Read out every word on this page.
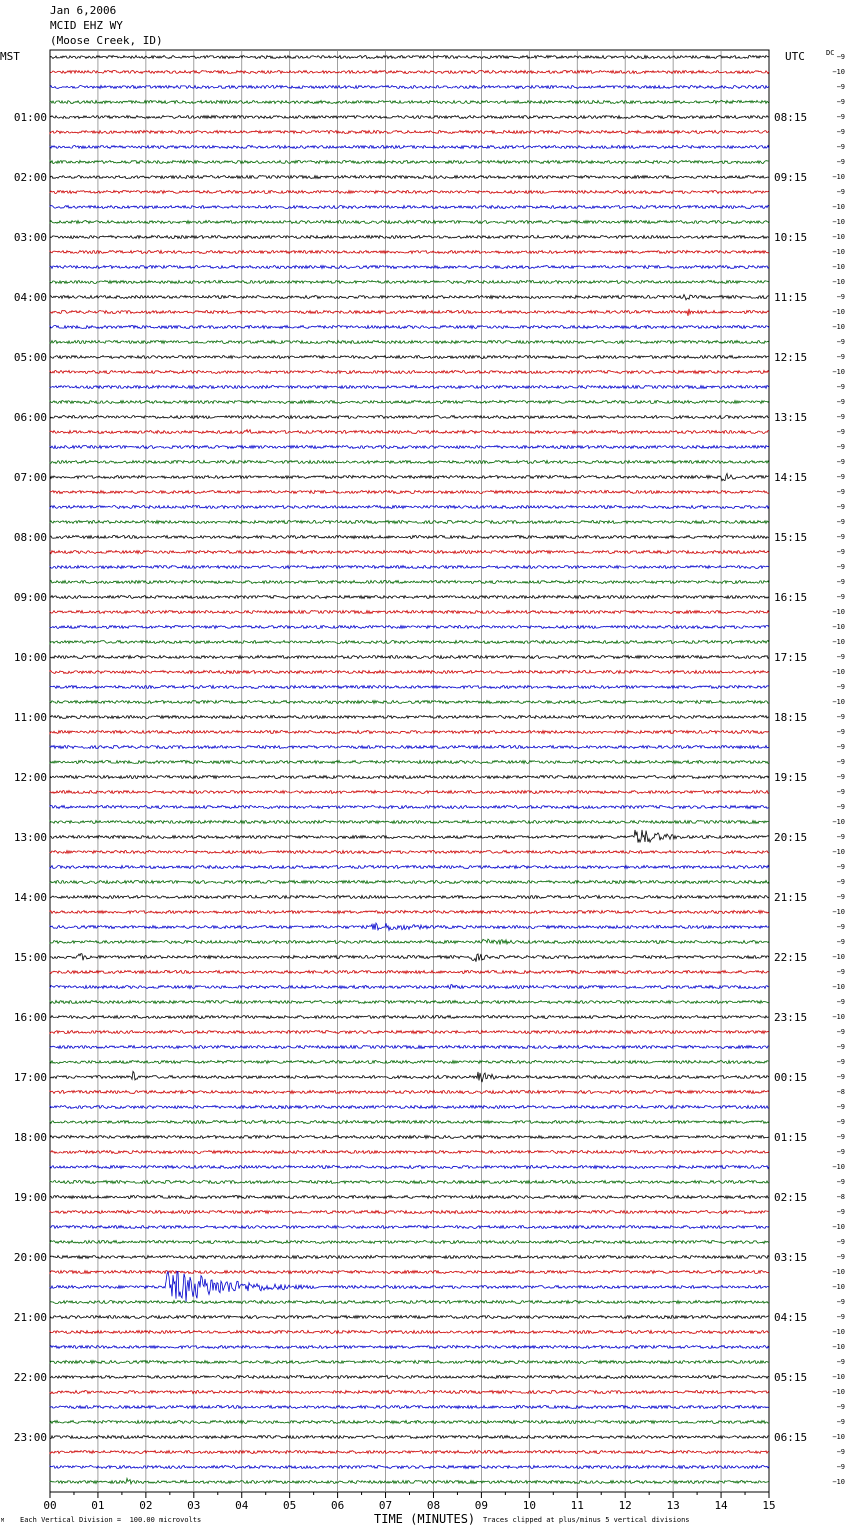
Jan 6,2006
MCID EHZ WY
(Moose Creek, ID)
MST	UTC	DC
00	01	02	03	04	05	06	07	08	09	10	11	12	13	14	15
01:00	08:15
02:00	09:15
03:00	10:15
04:00	11:15
05:00	12:15
06:00	13:15
07:00	14:15
08:00	15:15
09:00	16:15
10:00	17:15
11:00	18:15
12:00	19:15
13:00	20:15
14:00	21:15
15:00	22:15
16:00	23:15
17:00	00:15
18:00	01:15
19:00	02:15
20:00	03:15
21:00	04:15
22:00	05:15
23:00	06:15
−9
−10
−9
−9
−9
−9
−9
−9
−10
−9
−10
−10
−10
−10
−10
−10
−9
−10
−10
−9
−9
−10
−9
−9
−9
−9
−9
−9
−9
−9
−9
−9
−9
−9
−9
−9
−9
−10
−10
−10
−9
−10
−9
−10
−9
−9
−9
−9
−9
−9
−9
−10
−9
−10
−9
−9
−9
−10
−9
−9
−10
−9
−10
−9
−10
−9
−9
−9
−9
−8
−9
−9
−9
−9
−10
−9
−8
−9
−10
−9
−9
−10
−10
−9
−9
−10
−10
−9
−10
−10
−9
−9
−10
−9
−9
−10
TIME (MINUTES)
Each Vertical Division =  100.00 microvolts	Traces clipped at plus/minus 5 vertical divisions
M
